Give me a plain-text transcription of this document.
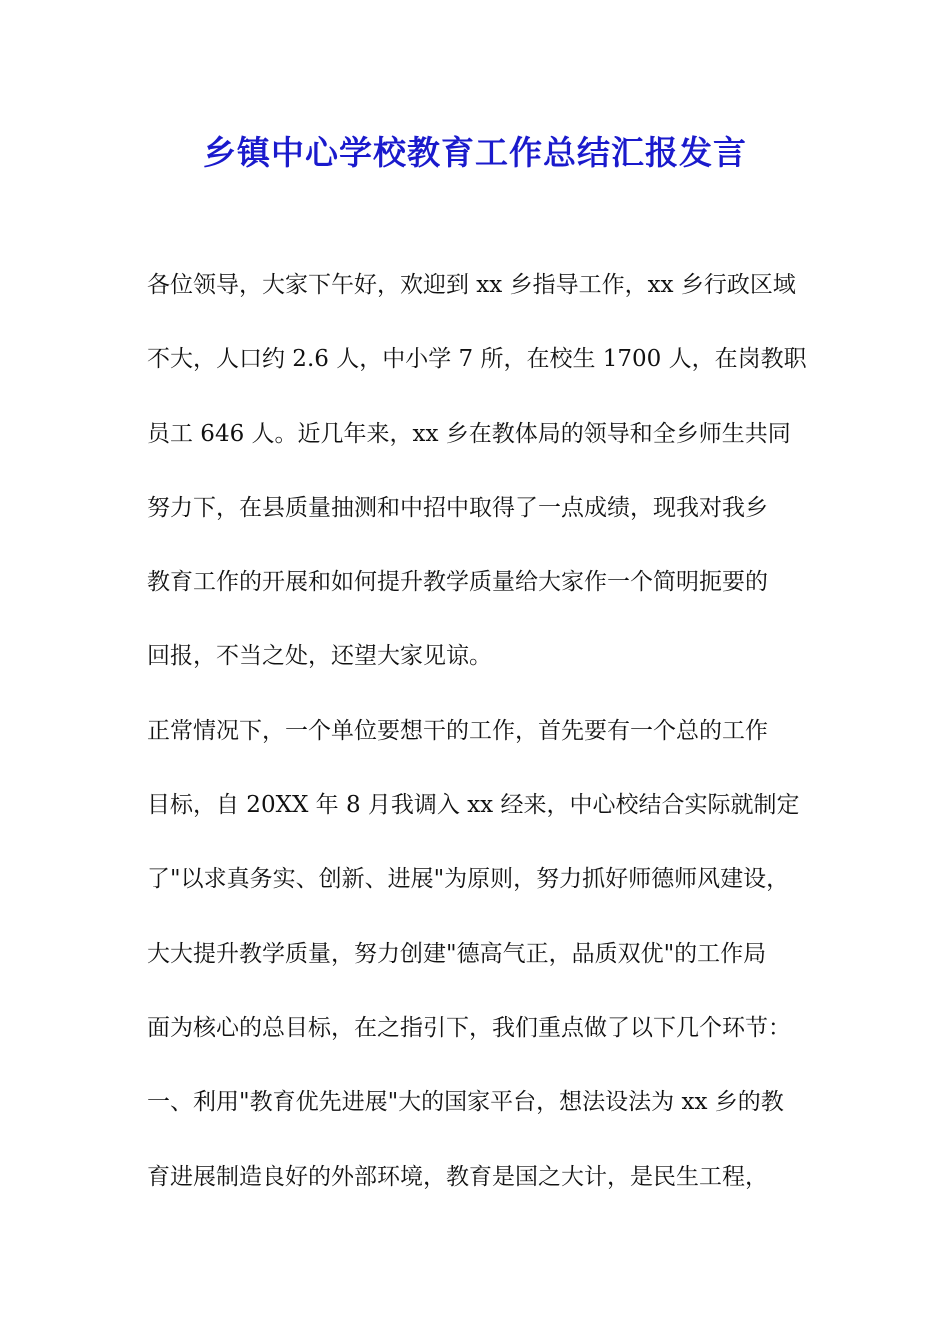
乡镇中心学校教育工作总结汇报发言
各位领导，大家下午好，欢迎到 xx 乡指导工作，xx 乡行政区域
不大，人口约 2.6 人，中小学 7 所，在校生 1700 人，在岗教职
员工 646 人。近几年来，xx 乡在教体局的领导和全乡师生共同
努力下，在县质量抽测和中招中取得了一点成绩，现我对我乡
教育工作的开展和如何提升教学质量给大家作一个简明扼要的
回报，不当之处，还望大家见谅。
正常情况下，一个单位要想干的工作，首先要有一个总的工作
目标，自 20XX 年 8 月我调入 xx 经来，中心校结合实际就制定
了"以求真务实、创新、进展"为原则，努力抓好师德师风建设，
大大提升教学质量，努力创建"德高气正，品质双优"的工作局
面为核心的总目标，在之指引下，我们重点做了以下几个环节：
一、利用"教育优先进展"大的国家平台，想法设法为 xx 乡的教
育进展制造良好的外部环境，教育是国之大计，是民生工程，
